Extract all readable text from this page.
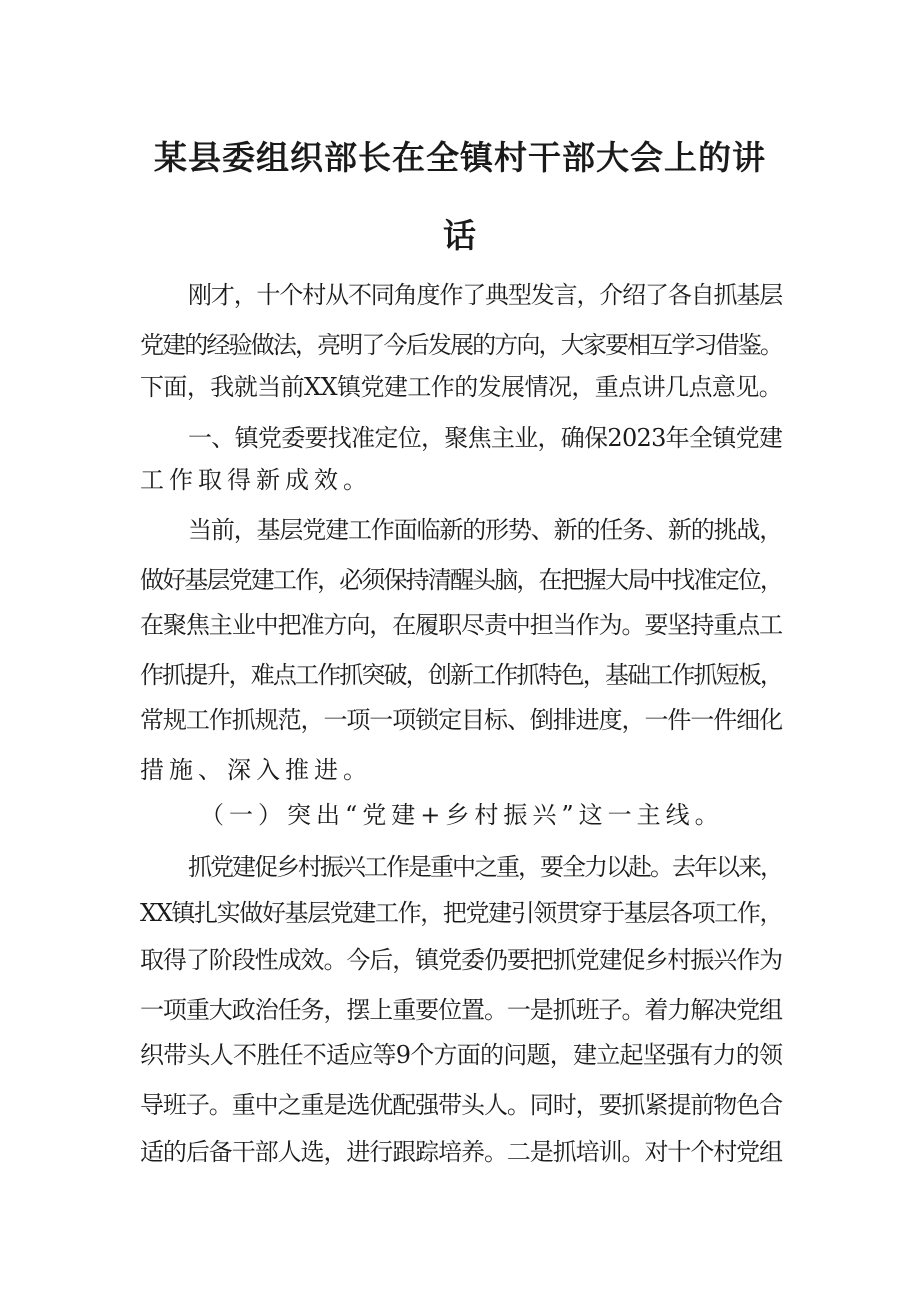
某县委组织部长在全镇村干部大会上的讲
话

刚才，十个村从不同角度作了典型发言，介绍了各自抓基层

党建的经验做法，亮明了今后发展的方向，大家要相互学习借鉴。

下面，我就当前XX镇党建工作的发展情况，重点讲几点意见。

一、镇党委要找准定位，聚焦主业，确保2023年全镇党建

工作取得新成效。

当前，基层党建工作面临新的形势、新的任务、新的挑战，

做好基层党建工作，必须保持清醒头脑，在把握大局中找准定位，

在聚焦主业中把准方向，在履职尽责中担当作为。要坚持重点工

作抓提升，难点工作抓突破，创新工作抓特色，基础工作抓短板，

常规工作抓规范，一项一项锁定目标、倒排进度，一件一件细化

措施、深入推进。

（一）突出“党建+乡村振兴”这一主线。

抓党建促乡村振兴工作是重中之重，要全力以赴。去年以来，

XX镇扎实做好基层党建工作，把党建引领贯穿于基层各项工作，

取得了阶段性成效。今后，镇党委仍要把抓党建促乡村振兴作为

一项重大政治任务，摆上重要位置。一是抓班子。着力解决党组

织带头人不胜任不适应等9个方面的问题，建立起坚强有力的领

导班子。重中之重是选优配强带头人。同时，要抓紧提前物色合

适的后备干部人选，进行跟踪培养。二是抓培训。对十个村党组
